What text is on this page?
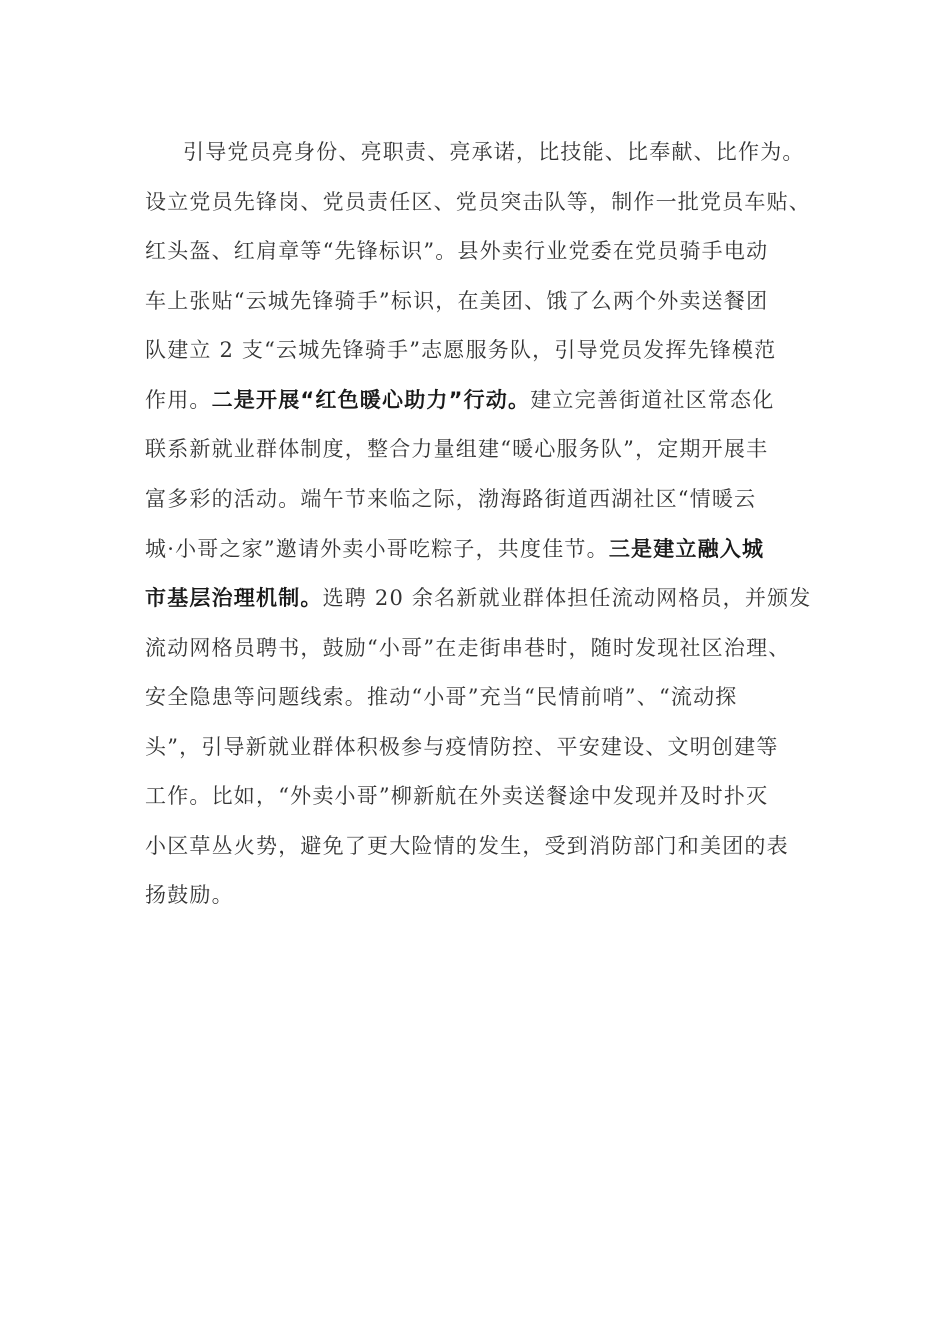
引导党员亮身份、亮职责、亮承诺，比技能、比奉献、比作为。
设立党员先锋岗、党员责任区、党员突击队等，制作一批党员车贴、
红头盔、红肩章等“先锋标识”。县外卖行业党委在党员骑手电动
车上张贴“云城先锋骑手”标识，在美团、饿了么两个外卖送餐团
队建立 2 支“云城先锋骑手”志愿服务队，引导党员发挥先锋模范
作用。二是开展“红色暖心助力”行动。建立完善街道社区常态化
联系新就业群体制度，整合力量组建“暖心服务队”，定期开展丰
富多彩的活动。端午节来临之际，渤海路街道西湖社区“情暖云
城·小哥之家”邀请外卖小哥吃粽子，共度佳节。三是建立融入城
市基层治理机制。选聘 20 余名新就业群体担任流动网格员，并颁发
流动网格员聘书，鼓励“小哥”在走街串巷时，随时发现社区治理、
安全隐患等问题线索。推动“小哥”充当“民情前哨”、“流动探
头”，引导新就业群体积极参与疫情防控、平安建设、文明创建等
工作。比如，“外卖小哥”柳新航在外卖送餐途中发现并及时扑灭
小区草丛火势，避免了更大险情的发生，受到消防部门和美团的表
扬鼓励。
